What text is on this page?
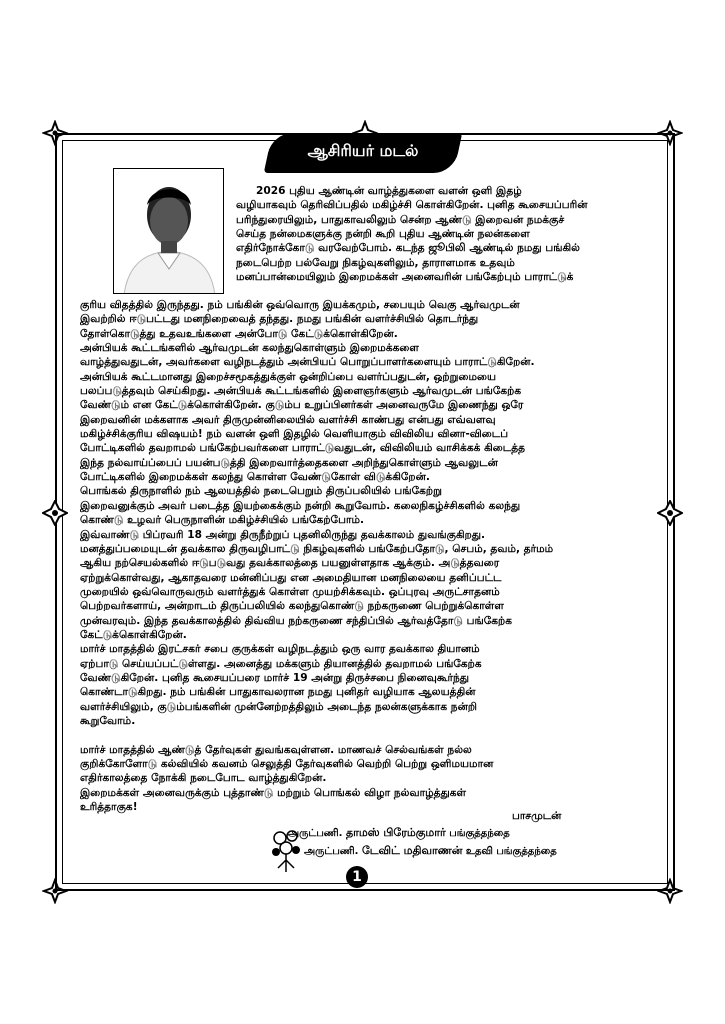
ஆசிரியர் மடல்
2026 புதிய ஆண்டின் வாழ்த்துகளை வளன் ஒளி இதழ்
வழியாகவும் தெரிவிப்பதில் மகிழ்ச்சி கொள்கிறேன். புனித கூசையப்பரின்
பரிந்துரையிலும், பாதுகாவலிலும் சென்ற ஆண்டு இறைவன் நமக்குச்
செய்த நன்மைகளுக்கு நன்றி கூறி புதிய ஆண்டின் நலன்களை
எதிர்நோக்கோடு வரவேற்போம். கடந்த ஜூபிலி ஆண்டில் நமது பங்கில்
நடைபெற்ற பல்வேறு நிகழ்வுகளிலும், தாராளமாக உதவும்
மனப்பான்மையிலும் இறைமக்கள் அனைவரின் பங்கேற்பும் பாராட்டுக்
குரிய விதத்தில் இருந்தது. நம் பங்கின் ஒவ்வொரு இயக்கமும், சபையும் வெகு ஆர்வமுடன்
இவற்றில் ஈடுபட்டது மனநிறைவைத் தந்தது. நமது பங்கின் வளர்ச்சியில் தொடர்ந்து
தோள்கொடுத்து உதவஉங்களை அன்போடு கேட்டுக்கொள்கிறேன்.
அன்பியக் கூட்டங்களில் ஆர்வமுடன் கலந்துகொள்ளும் இறைமக்களை
வாழ்த்துவதுடன், அவர்களை வழிநடத்தும் அன்பியப் பொறுப்பாளர்களையும் பாராட்டுகிறேன்.
அன்பியக் கூட்டமானது இறைச்சமூகத்துக்குள் ஒன்றிப்பை வளர்ப்பதுடன், ஒற்றுமையை
பலப்படுத்தவும் செய்கிறது. அன்பியக் கூட்டங்களில் இளைஞர்களும் ஆர்வமுடன் பங்கேற்க
வேண்டும் என கேட்டுக்கொள்கிறேன். குடும்ப உறுப்பினர்கள் அனைவருமே இணைந்து ஒரே
இறைவனின் மக்களாக அவர் திருமுன்னிலையில் வளர்ச்சி காண்பது என்பது எவ்வளவு
மகிழ்ச்சிக்குரிய விஷயம்! நம் வளன் ஒளி இதழில் வெளியாகும் விவிலிய வினா-விடைப்
போட்டிகளில் தவறாமல் பங்கேற்பவர்களை பாராட்டுவதுடன், விவிலியம் வாசிக்கக் கிடைத்த
இந்த நல்வாய்ப்பைப் பயன்படுத்தி இறைவார்த்தைகளை அறிந்துகொள்ளும் ஆவலுடன்
போட்டிகளில் இறைமக்கள் கலந்து கொள்ள வேண்டுகோள் விடுக்கிறேன்.
பொங்கல் திருநாளில் நம் ஆலயத்தில் நடைபெறும் திருப்பலியில் பங்கேற்று
இறைவனுக்கும் அவர் படைத்த இயற்கைக்கும் நன்றி கூறுவோம். கலைநிகழ்ச்சிகளில் கலந்து
கொண்டு உழவர் பெருநாளின் மகிழ்ச்சியில் பங்கேற்போம்.
இவ்வாண்டு பிப்ரவரி 18 அன்று திருநீற்றுப் புதனிலிருந்து தவக்காலம் துவங்குகிறது.
மனத்துப்பமையுடன் தவக்கால திருவழிபாட்டு நிகழ்வுகளில் பங்கேற்பதோடு, செபம், தவம், தர்மம்
ஆகிய நற்செயல்களில் ஈடுபடுவது தவக்காலத்தை பயனுள்ளதாக ஆக்கும். அடுத்தவரை
ஏற்றுக்கொள்வது, ஆகாதவரை மன்னிப்பது என அமைதியான மனநிலையை தனிப்பட்ட
முறையில் ஒவ்வொருவரும் வளர்த்துக் கொள்ள முயற்சிக்கவும். ஒப்புரவு அருட்சாதனம்
பெற்றவர்களாய், அன்றாடம் திருப்பலியில் கலந்துகொண்டு நற்கருணை பெற்றுக்கொள்ள
முன்வரவும். இந்த தவக்காலத்தில் திவ்விய நற்கருணை சந்திப்பில் ஆர்வத்தோடு பங்கேற்க
கேட்டுக்கொள்கிறேன்.
மார்ச் மாதத்தில் இரட்சகர் சபை குருக்கள் வழிநடத்தும் ஒரு வார தவக்கால தியானம்
ஏற்பாடு செய்யப்பட்டுள்ளது. அனைத்து மக்களும் தியானத்தில் தவறாமல் பங்கேற்க
வேண்டுகிறேன். புனித கூசையப்பரை மார்ச் 19 அன்று திருச்சபை நினைவுகூர்ந்து
கொண்டாடுகிறது. நம் பங்கின் பாதுகாவலரான நமது புனிதர் வழியாக ஆலயத்தின்
வளர்ச்சியிலும், குடும்பங்களின் முன்னேற்றத்திலும் அடைந்த நலன்களுக்காக நன்றி
கூறுவோம்.
மார்ச் மாதத்தில் ஆண்டுத் தேர்வுகள் துவங்கவுள்ளன. மாணவச் செல்வங்கள் நல்ல
குறிக்கோளோடு கல்வியில் கவனம் செலுத்தி தேர்வுகளில் வெற்றி பெற்று ஒளிமயமான
எதிர்காலத்தை நோக்கி நடைபோட வாழ்த்துகிறேன்.
இறைமக்கள் அனைவருக்கும் புத்தாண்டு மற்றும் பொங்கல் விழா நல்வாழ்த்துகள்
உரித்தாகுக!
பாசமுடன்
அருட்பணி. தாமஸ் பிரேம்குமார் பங்குத்தந்தை
அருட்பணி. டேவிட் மதிவாணன் உதவி பங்குத்தந்தை
1
